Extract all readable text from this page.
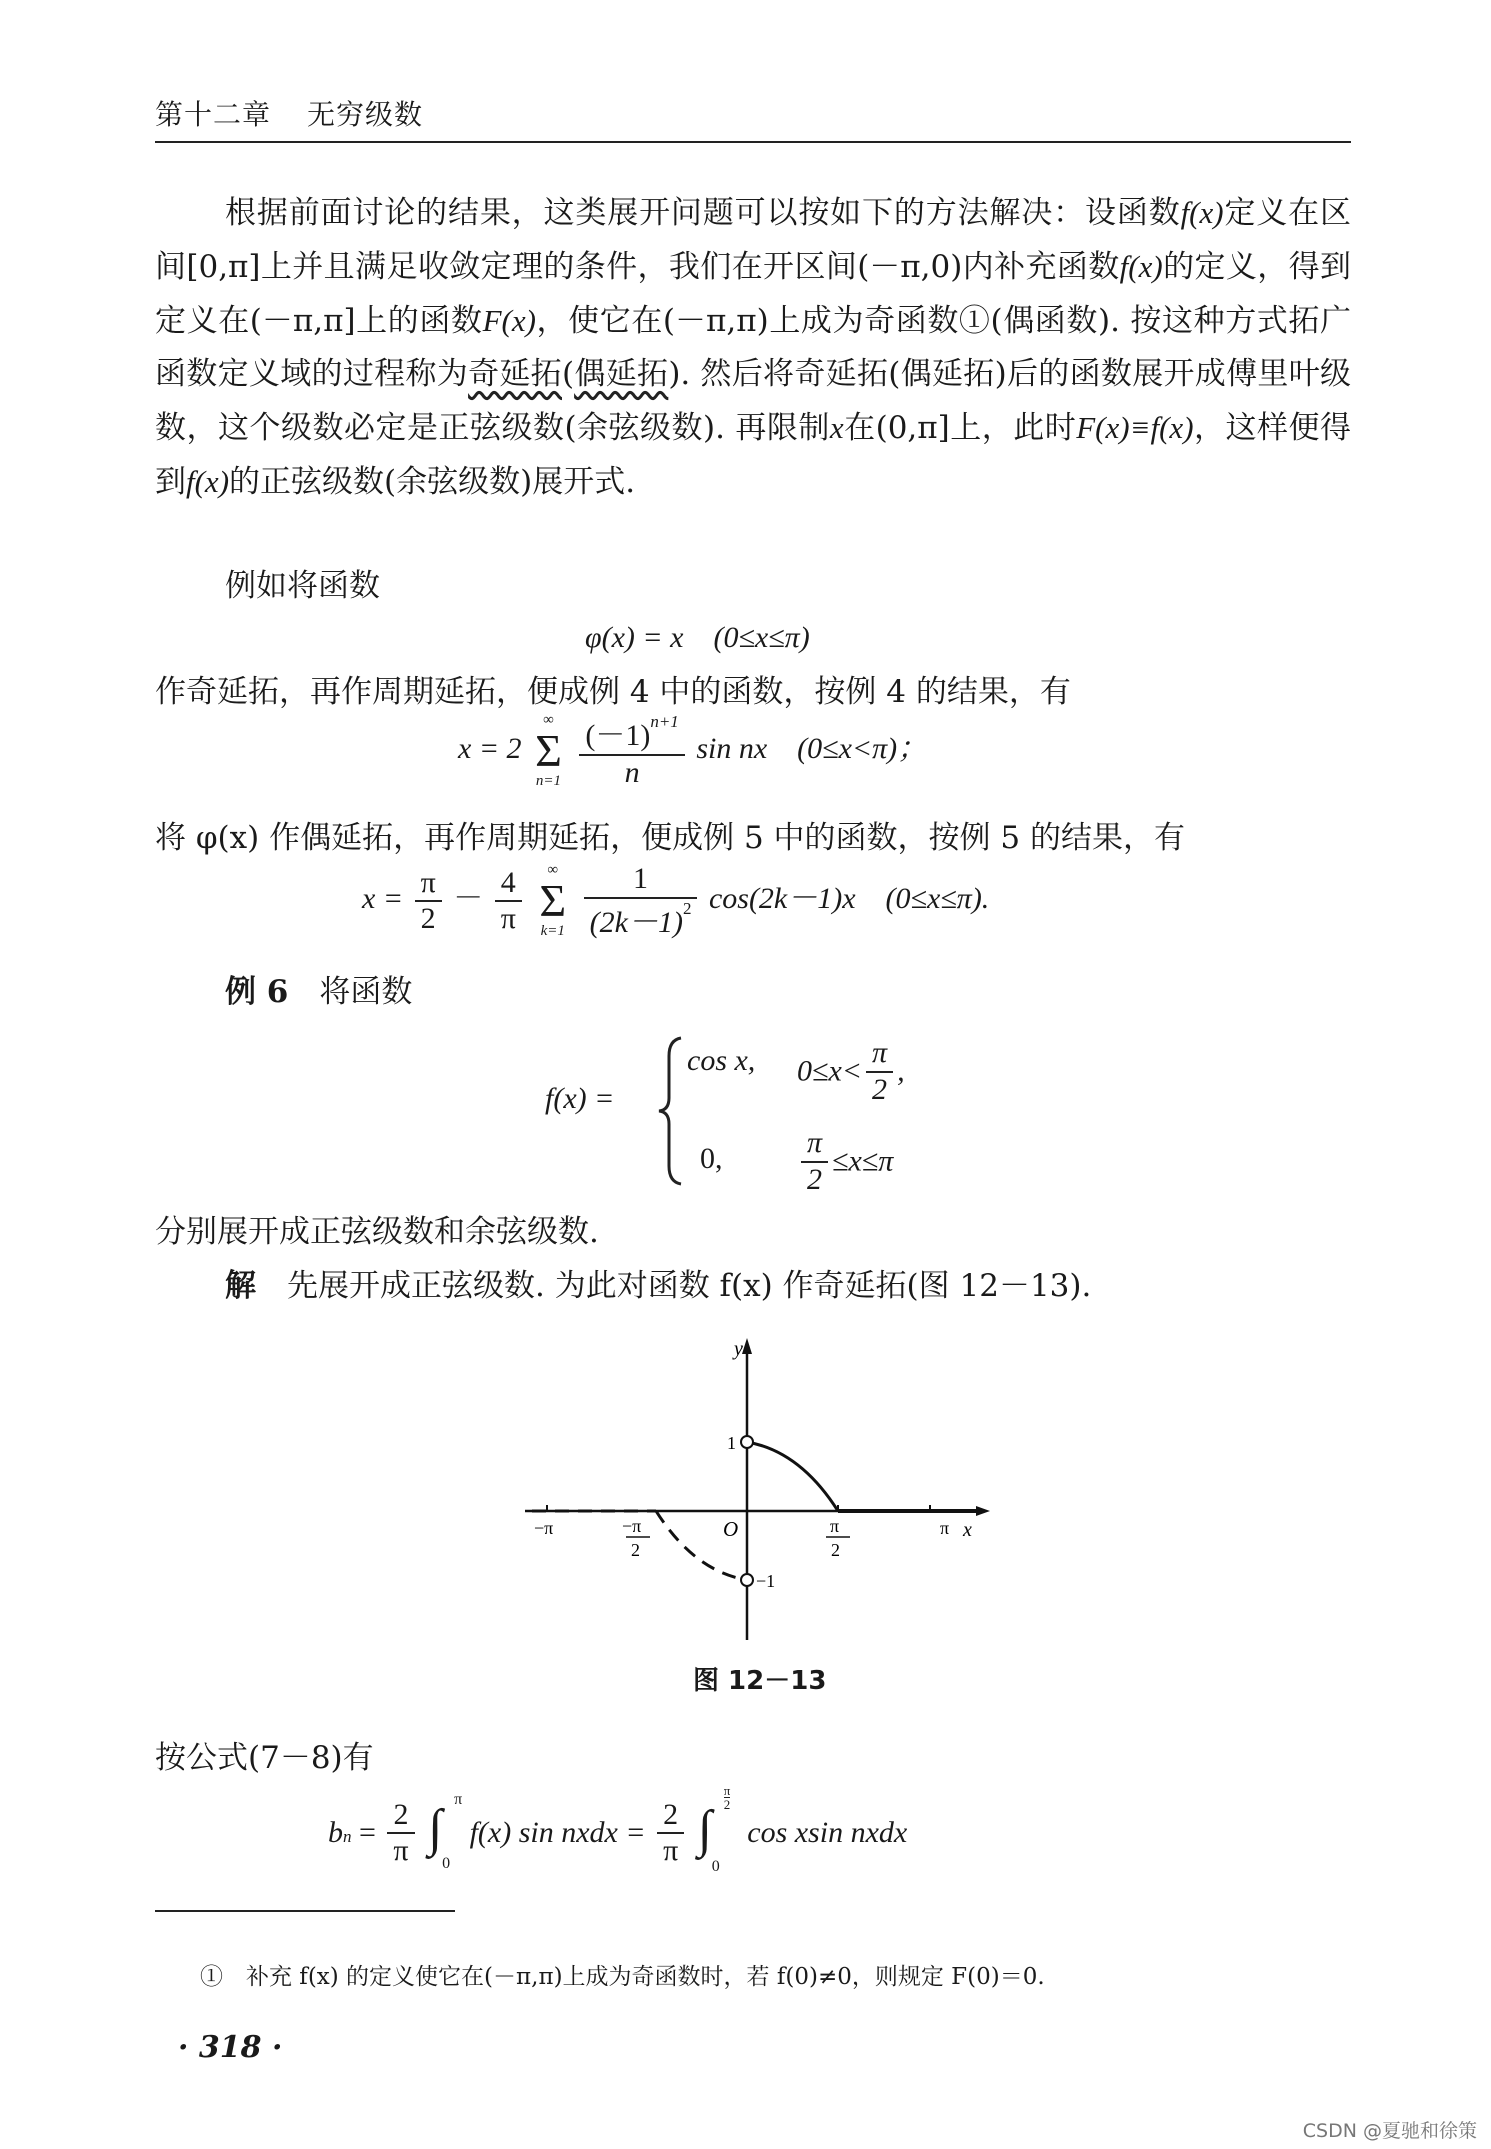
第十二章 无穷级数
根据前面讨论的结果，这类展开问题可以按如下的方法解决：设函数f(x)定义在区间[0,π]上并且满足收敛定理的条件，我们在开区间(－π,0)内补充函数f(x)的定义，得到定义在(－π,π]上的函数F(x)，使它在(－π,π)上成为奇函数①(偶函数). 按这种方式拓广函数定义域的过程称为奇延拓(偶延拓). 然后将奇延拓(偶延拓)后的函数展开成傅里叶级数，这个级数必定是正弦级数(余弦级数). 再限制x在(0,π]上，此时F(x)≡f(x)，这样便得到f(x)的正弦级数(余弦级数)展开式.
例如将函数
φ(x) = x　(0≤x≤π)
作奇延拓，再作周期延拓，便成例 4 中的函数，按例 4 的结果，有
x = 2
∞
Σ
n=1
$\frac{(-1)^{n+1}}{n}$ sin nx　(0≤x<π)；
将 φ(x) 作偶延拓，再作周期延拓，便成例 5 中的函数，按例 5 的结果，有
$x = \frac{\pi}{2} - \frac{4}{\pi}$
	∞
Σ
k=1
$\frac{1}{(2k-1)^2} \cos(2k-1)x$　(0≤x≤π).
例 6　 将函数
f(x) =
cos x, $0\le x< \frac{\pi}{2}$ ,
0,	$\frac{\pi}{2} \le x\le\pi$
分别展开成正弦级数和余弦级数.
解　 先展开成正弦级数. 为此对函数 f(x) 作奇延拓(图 12－13).
y
x
O
1
−1
−π	π
π
2
−π
2
图 12－13
按公式(7－8)有
bn = $\frac{2}{\pi}$
∫
π
0
f(x) sin nxdx = $\frac{2}{\pi}$
∫
$\frac{\pi}{2}$
0
cos xsin nxdx
①　补充 f(x) 的定义使它在(－π,π)上成为奇函数时，若 f(0)≠0，则规定 F(0)＝0.
· 318 ·
CSDN @夏驰和徐策
